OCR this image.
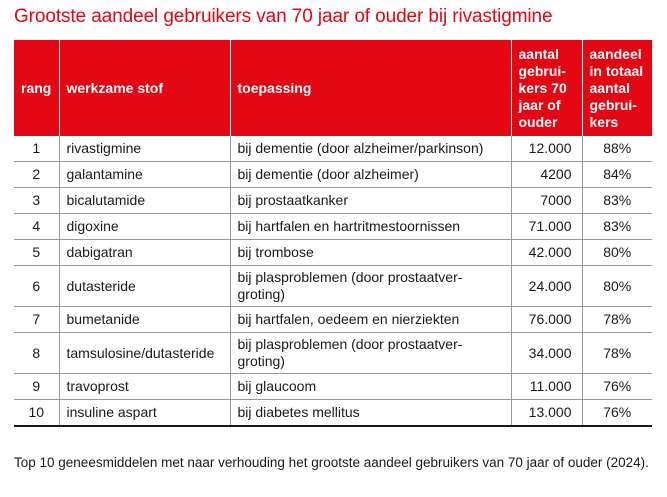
Grootste aandeel gebruikers van 70 jaar of ouder bij rivastigmine
rang	werkzame stof	toepassing	aantal gebrui-kers 70 jaar of ouder	aandeel in totaal aantal gebrui-kers

1	rivastigmine	bij dementie (door alzheimer/parkinson)	12.000	88%
2	galantamine	bij dementie (door alzheimer)	4200	84%
3	bicalutamide	bij prostaatkanker	7000	83%
4	digoxine	bij hartfalen en hartritmestoornissen	71.000	83%
5	dabigatran	bij trombose	42.000	80%
6	dutasteride	bij plasproblemen (door prostaatver-groting)	24.000	80%
7	bumetanide	bij hartfalen, oedeem en nierziekten	76.000	78%
8	tamsulosine/dutasteride	bij plasproblemen (door prostaatver-groting)	34.000	78%
9	travoprost	bij glaucoom	11.000	76%
10	insuline aspart	bij diabetes mellitus	13.000	76%
Top 10 geneesmiddelen met naar verhouding het grootste aandeel gebruikers van 70 jaar of ouder (2024).
